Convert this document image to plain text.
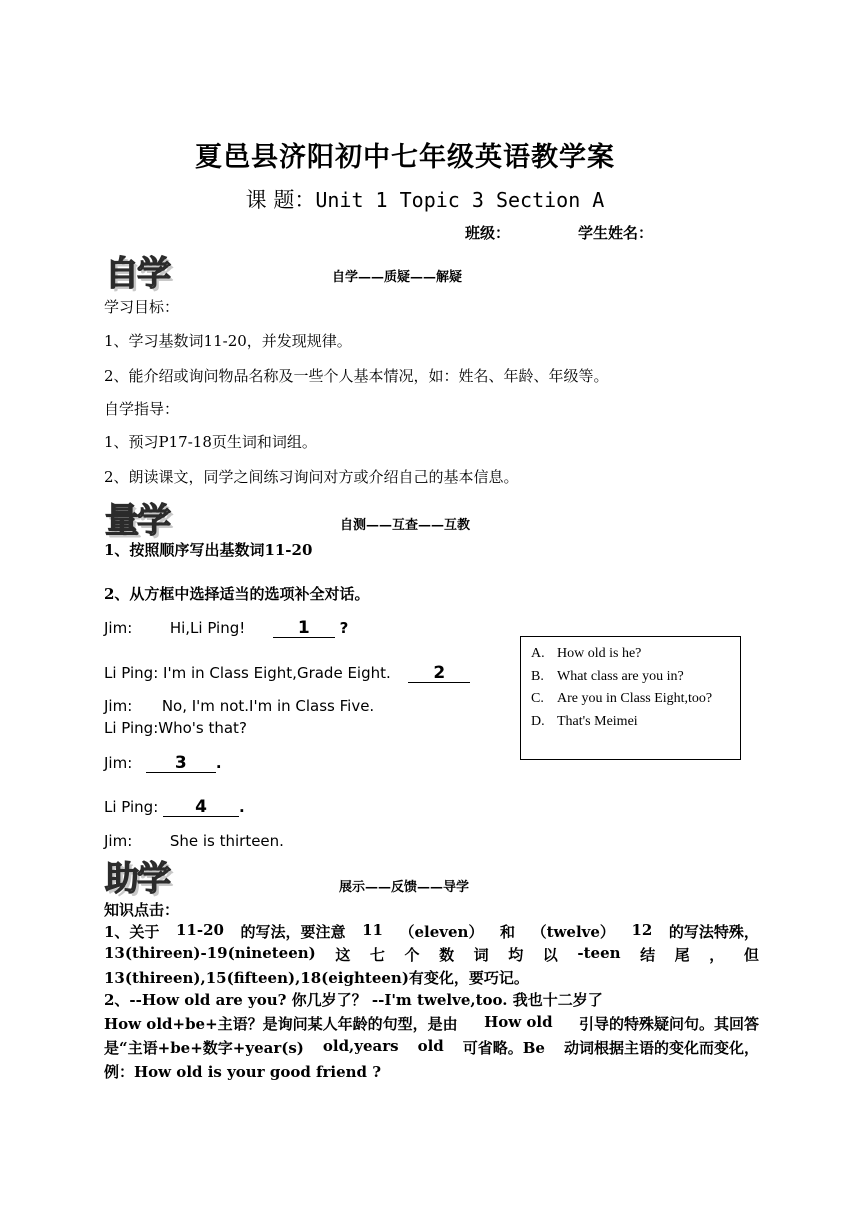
夏邑县济阳初中七年级英语教学案
课 题：Unit 1 Topic 3 Section A
班级：	学生姓名：
自学	自学——质疑——解疑
学习目标：
1、学习基数词11-20，并发现规律。
2、能介绍或询问物品名称及一些个人基本情况，如：姓名、年龄、年级等。
自学指导：
1、预习P17-18页生词和词组。
2、朗读课文，同学之间练习询问对方或介绍自己的基本信息。
量学	自测——互查——互教
1、按照顺序写出基数词11-20
2、从方框中选择适当的选项补全对话。
Jim:	Hi,Li Ping!	1 ?
Li Ping: I'm in Class Eight,Grade Eight.	2
Jim: No, I'm not.I'm in Class Five.
Li Ping:Who's that?
Jim:	3 .
Li Ping: 4 .
Jim:	She is thirteen.
A. How old is he?
B. What class are you in?
C. Are you in Class Eight,too?
D. That's Meimei
助学	展示——反馈——导学
知识点击：
1、关于 11-20 的写法，要注意 11 （eleven） 和 （twelve） 12 的写法特殊，
13(thireen)-19(nineteen) 这 七 个 数 词 均 以 -teen 结 尾 ， 但
13(thireen),15(fifteen),18(eighteen)有变化，要巧记。
2、--How old are you? 你几岁了？ --I'm twelve,too. 我也十二岁了
How old+be+主语？是询问某人年龄的句型，是由 How old 引导的特殊疑问句。其回答
是“主语+be+数字+year(s) old,years old 可省略。Be 动词根据主语的变化而变化，
例：How old is your good friend ?
